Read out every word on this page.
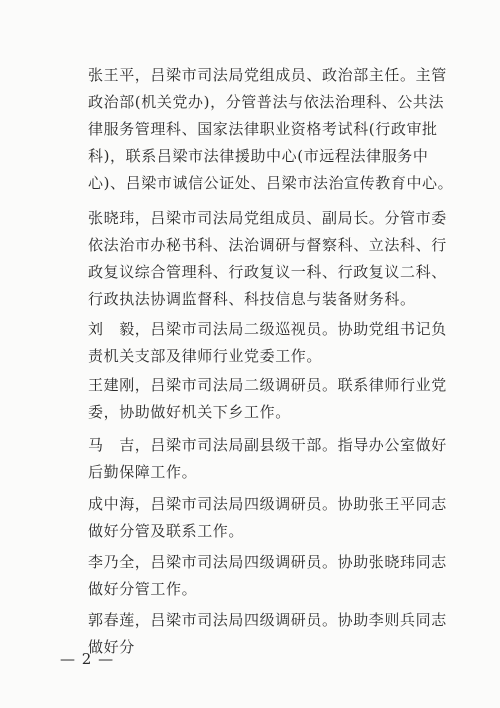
张王平，吕梁市司法局党组成员、政治部主任。主管政治部(机关党办)，分管普法与依法治理科、公共法律服务管理科、国家法律职业资格考试科(行政审批科)，联系吕梁市法律援助中心(市远程法律服务中心)、吕梁市诚信公证处、吕梁市法治宣传教育中心。

张晓玮，吕梁市司法局党组成员、副局长。分管市委依法治市办秘书科、法治调研与督察科、立法科、行政复议综合管理科、行政复议一科、行政复议二科、行政执法协调监督科、科技信息与装备财务科。

刘　毅，吕梁市司法局二级巡视员。协助党组书记负责机关支部及律师行业党委工作。

王建刚，吕梁市司法局二级调研员。联系律师行业党委，协助做好机关下乡工作。

马　吉，吕梁市司法局副县级干部。指导办公室做好后勤保障工作。

成中海，吕梁市司法局四级调研员。协助张王平同志做好分管及联系工作。

李乃全，吕梁市司法局四级调研员。协助张晓玮同志做好分管工作。

郭春莲，吕梁市司法局四级调研员。协助李则兵同志做好分

— 2 —
